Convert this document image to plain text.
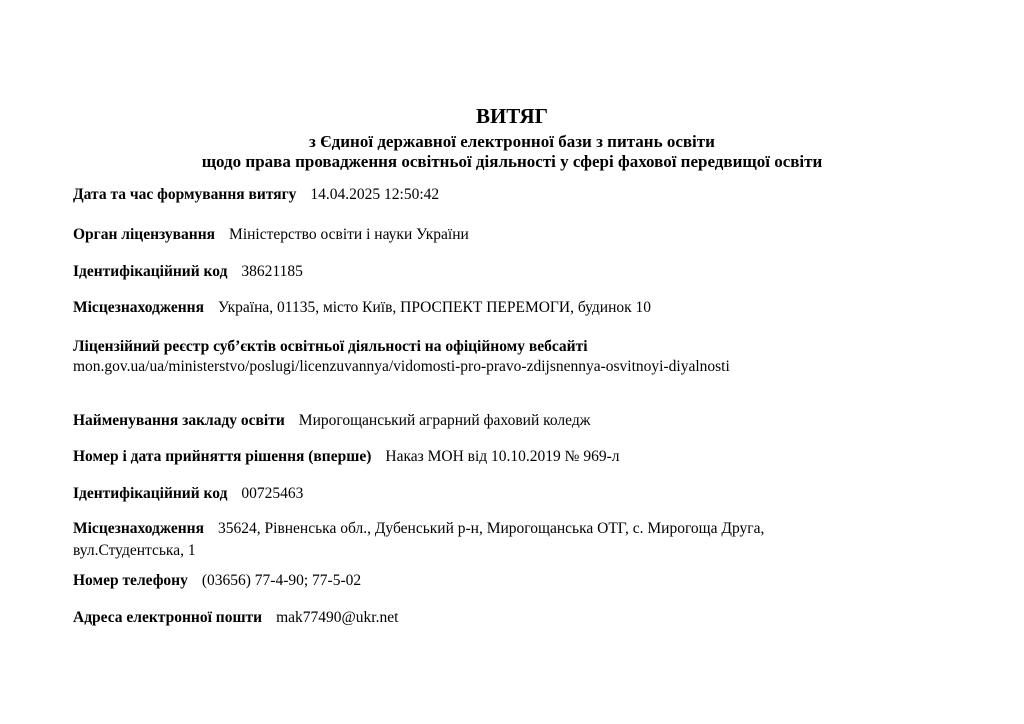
ВИТЯГ
з Єдиної державної електронної бази з питань освіти
щодо права провадження освітньої діяльності у сфері фахової передвищої освіти
Дата та час формування витягу 14.04.2025 12:50:42
Орган ліцензування Міністерство освіти і науки України
Ідентифікаційний код 38621185
Місцезнаходження Україна, 01135, місто Київ, ПРОСПЕКТ ПЕРЕМОГИ, будинок 10
Ліцензійний реєстр суб’єктів освітньої діяльності на офіційному вебсайті
mon.gov.ua/ua/ministerstvo/poslugi/licenzuvannya/vidomosti-pro-pravo-zdijsnennya-osvitnoyi-diyalnosti
Найменування закладу освіти Мирогощанський аграрний фаховий коледж
Номер і дата прийняття рішення (вперше) Наказ МОН від 10.10.2019 № 969-л
Ідентифікаційний код 00725463
Місцезнаходження 35624, Рівненська обл., Дубенський р-н, Мирогощанська ОТГ, с. Мирогоща Друга, вул.Студентська, 1
Номер телефону (03656) 77-4-90; 77-5-02
Адреса електронної пошти mak77490@ukr.net
